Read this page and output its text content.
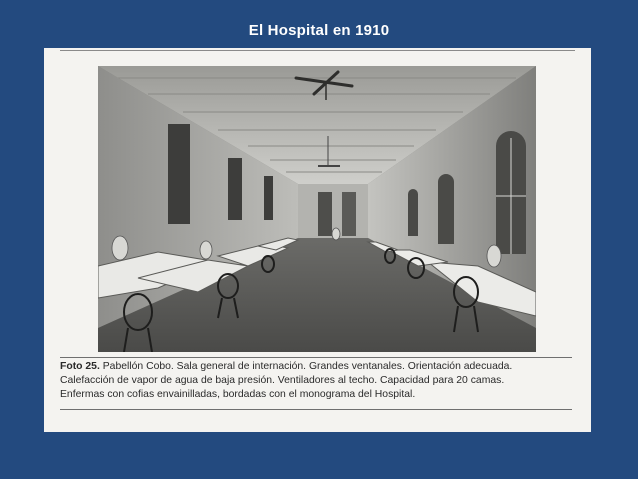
El Hospital en 1910
Foto 25. Pabellón Cobo. Sala general de internación. Grandes ventanales. Orientación adecuada.
Calefacción de vapor de agua de baja presión. Ventiladores al techo. Capacidad para 20 camas.
Enfermas con cofias envainilladas, bordadas con el monograma del Hospital.
